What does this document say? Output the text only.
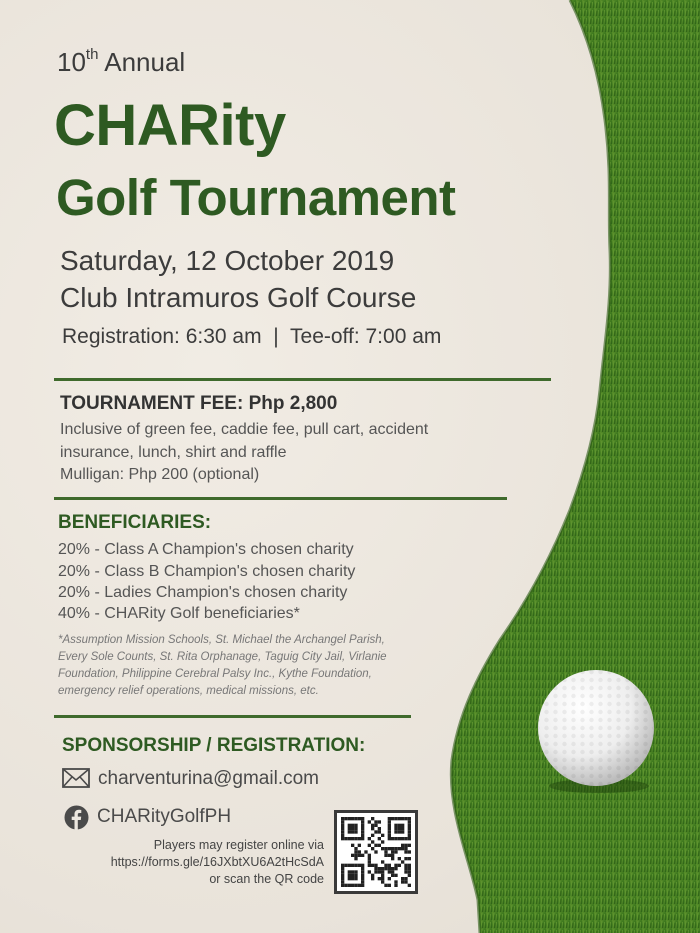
10th Annual
CHARity
Golf Tournament
Saturday, 12 October 2019
Club Intramuros Golf Course
Registration: 6:30 am  |  Tee-off: 7:00 am
TOURNAMENT FEE: Php 2,800
Inclusive of green fee, caddie fee, pull cart, accident
insurance, lunch, shirt and raffle
Mulligan: Php 200 (optional)
BENEFICIARIES:
20% - Class A Champion's chosen charity
20% - Class B Champion's chosen charity
20% - Ladies Champion's chosen charity
40% - CHARity Golf beneficiaries*
*Assumption Mission Schools, St. Michael the Archangel Parish,
Every Sole Counts, St. Rita Orphanage, Taguig City Jail, Virlanie
Foundation, Philippine Cerebral Palsy Inc., Kythe Foundation,
emergency relief operations, medical missions, etc.
SPONSORSHIP / REGISTRATION:
charventurina@gmail.com
CHARityGolfPH
Players may register online via
https://forms.gle/16JXbtXU6A2tHcSdA
or scan the QR code
